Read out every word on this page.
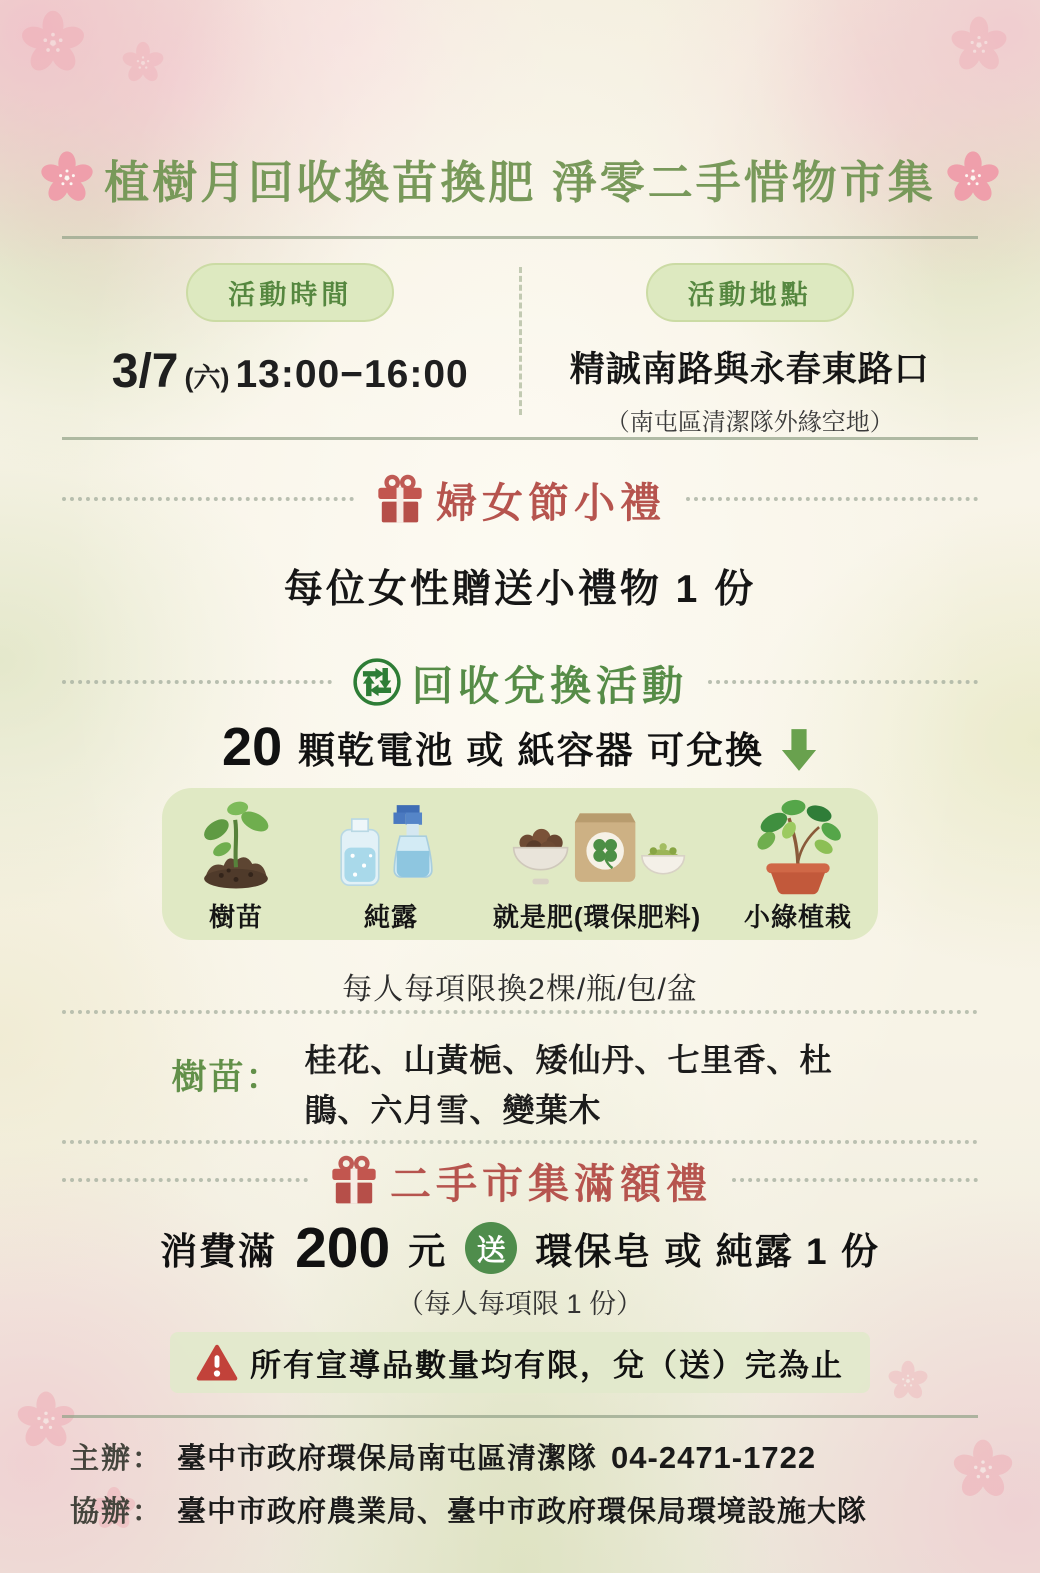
植樹月回收換苗換肥 淨零二手惜物市集
活動時間
3/7 (六) 13:00−16:00
活動地點
精誠南路與永春東路口
（南屯區清潔隊外緣空地）
婦女節小禮
每位女性贈送小禮物 1 份
回收兌換活動
20 顆乾電池 或 紙容器 可兌換
樹苗	純露	就是肥(環保肥料) 小綠植栽
每人每項限換2棵/瓶/包/盆
樹苗： 桂花、山黃梔、矮仙丹、七里香、杜鵑、六月雪、變葉木
二手市集滿額禮
消費滿 200 元	送 環保皂 或 純露 1 份
（每人每項限 1 份）
所有宣導品數量均有限，兌（送）完為止
主辦： 臺中市政府環保局南屯區清潔隊 04-2471-1722
協辦： 臺中市政府農業局、臺中市政府環保局環境設施大隊
